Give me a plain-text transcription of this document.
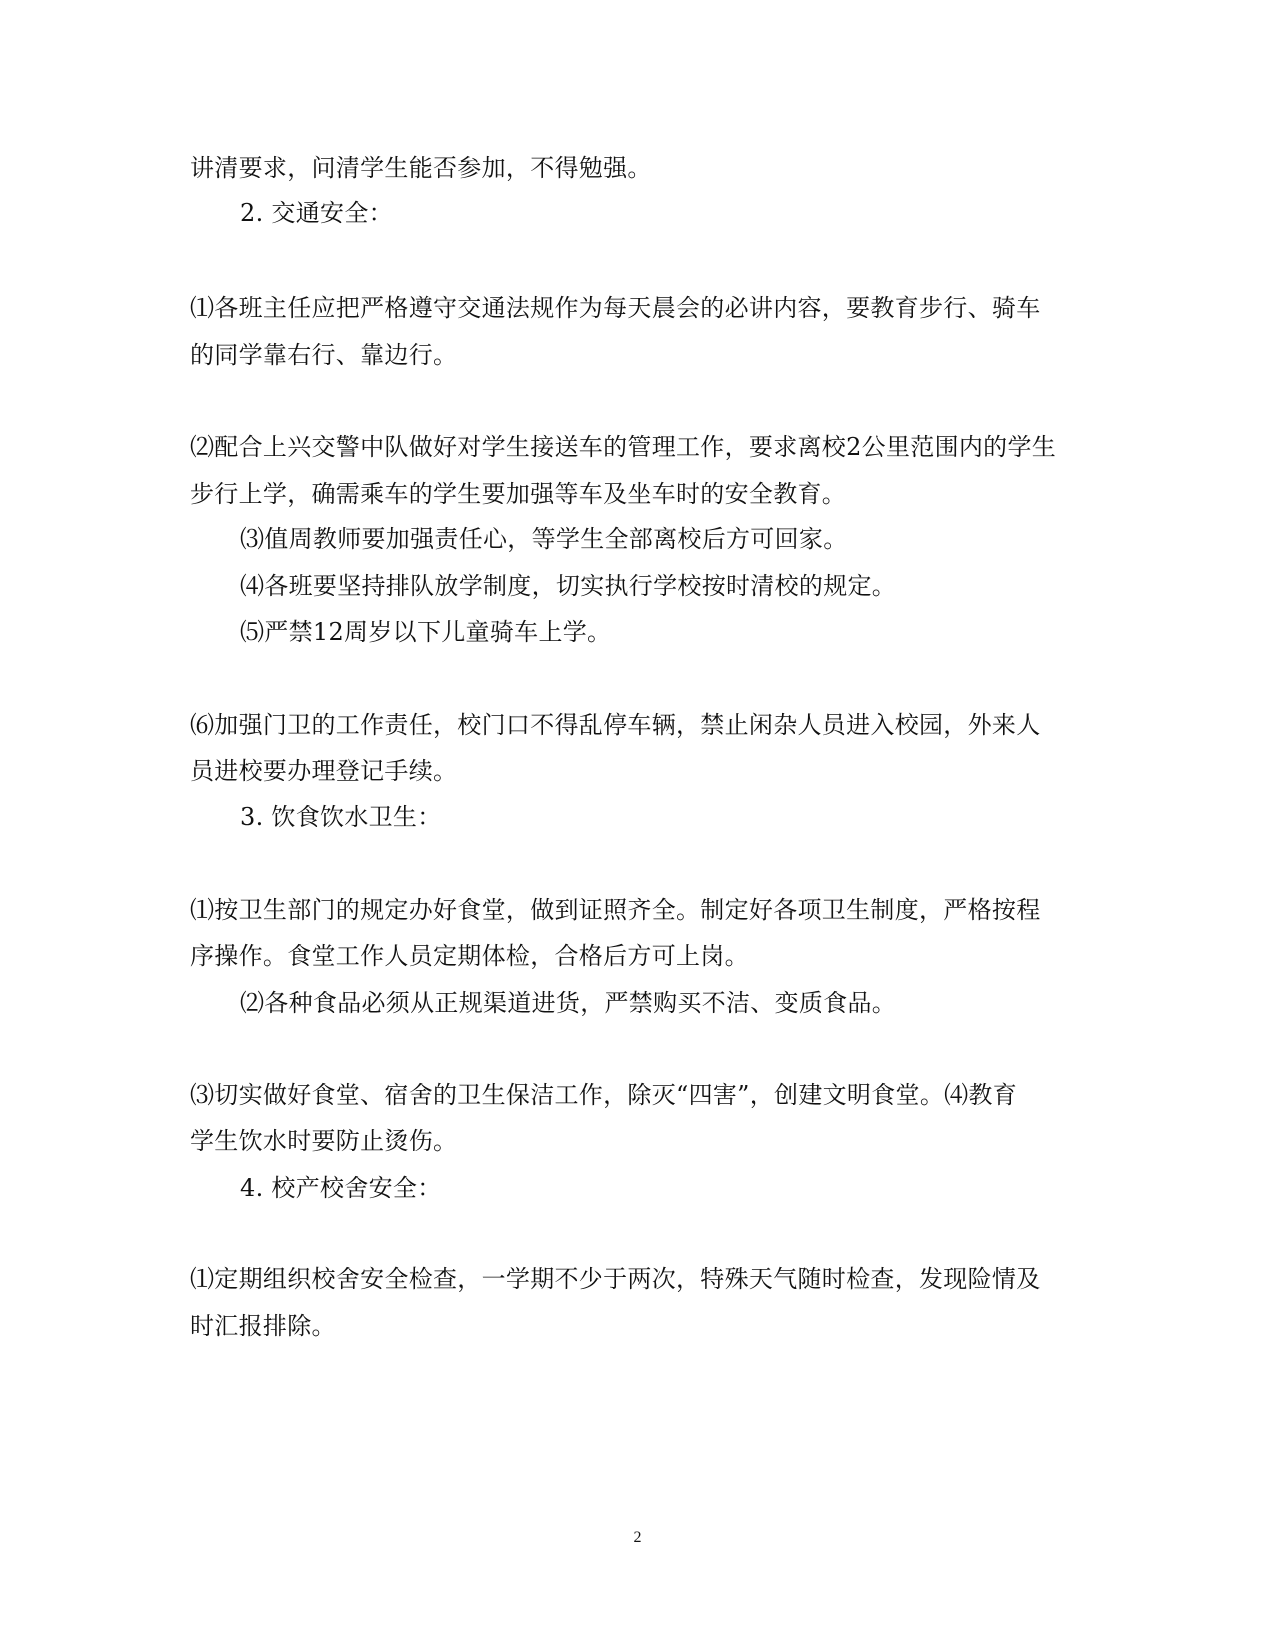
讲清要求，问清学生能否参加，不得勉强。
2. 交通安全：
⑴各班主任应把严格遵守交通法规作为每天晨会的必讲内容，要教育步行、骑车
的同学靠右行、靠边行。
⑵配合上兴交警中队做好对学生接送车的管理工作，要求离校2公里范围内的学生
步行上学，确需乘车的学生要加强等车及坐车时的安全教育。
⑶值周教师要加强责任心，等学生全部离校后方可回家。
⑷各班要坚持排队放学制度，切实执行学校按时清校的规定。
⑸严禁12周岁以下儿童骑车上学。
⑹加强门卫的工作责任，校门口不得乱停车辆，禁止闲杂人员进入校园，外来人
员进校要办理登记手续。
3. 饮食饮水卫生：
⑴按卫生部门的规定办好食堂，做到证照齐全。制定好各项卫生制度，严格按程
序操作。食堂工作人员定期体检，合格后方可上岗。
⑵各种食品必须从正规渠道进货，严禁购买不洁、变质食品。
⑶切实做好食堂、宿舍的卫生保洁工作，除灭“四害”，创建文明食堂。⑷教育
学生饮水时要防止烫伤。
4. 校产校舍安全：
⑴定期组织校舍安全检查，一学期不少于两次，特殊天气随时检查，发现险情及
时汇报排除。
2
